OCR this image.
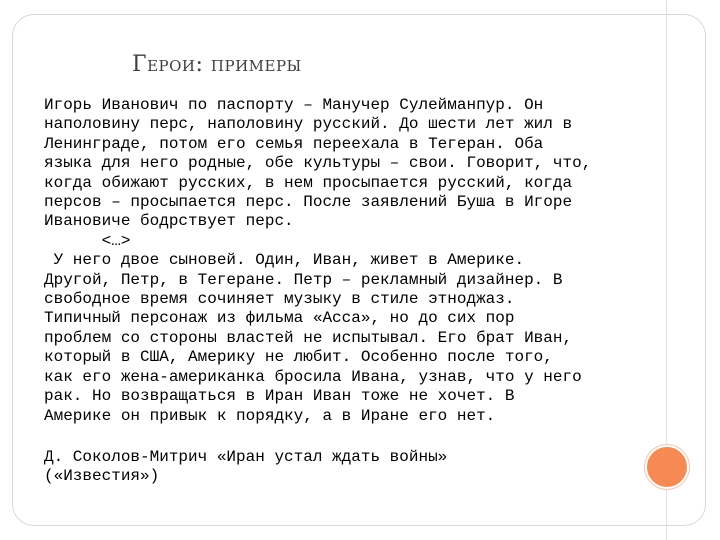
Герои: примеры

Игорь Иванович по паспорту – Манучер Сулейманпур. Он

наполовину перс, наполовину русский. До шести лет жил в

Ленинграде, потом его семья переехала в Тегеран. Оба

языка для него родные, обе культуры – свои. Говорит, что,

когда обижают русских, в нем просыпается русский, когда

персов – просыпается перс. После заявлений Буша в Игоре

Ивановиче бодрствует перс.

<…>

У него двое сыновей. Один, Иван, живет в Америке.

Другой, Петр, в Тегеране. Петр – рекламный дизайнер. В

свободное время сочиняет музыку в стиле этноджаз.

Типичный персонаж из фильма «Асса», но до сих пор

проблем со стороны властей не испытывал. Его брат Иван,

который в США, Америку не любит. Особенно после того,

как его жена-американка бросила Ивана, узнав, что у него

рак. Но возвращаться в Иран Иван тоже не хочет. В

Америке он привык к порядку, а в Иране его нет.

Д. Соколов-Митрич «Иран устал ждать войны»

(«Известия»)
